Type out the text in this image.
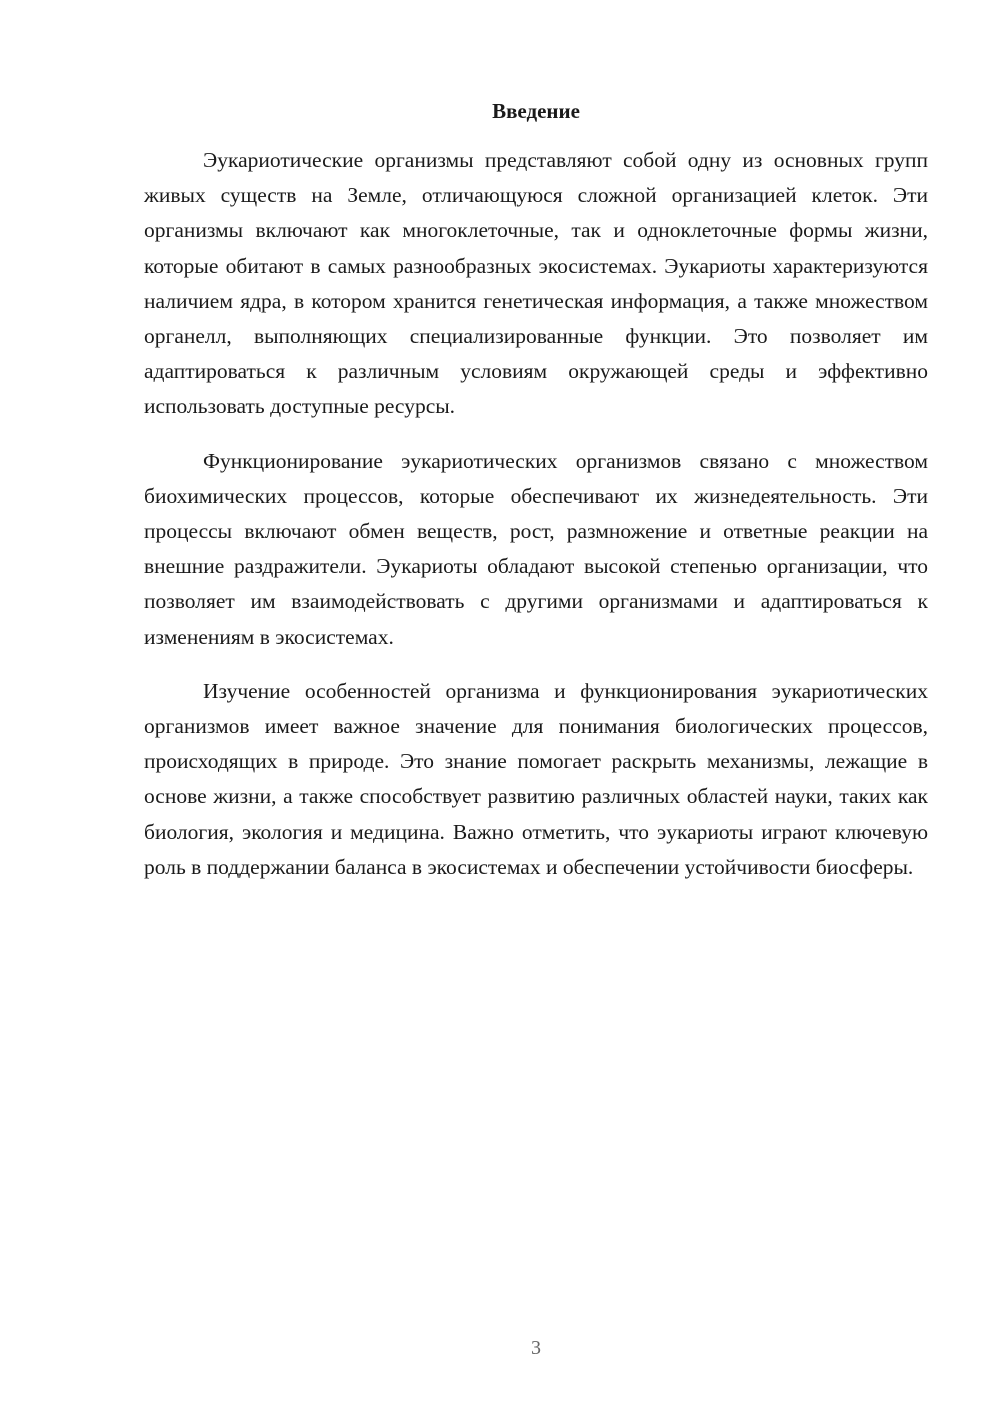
Введение

Эукариотические организмы представляют собой одну из основных групп живых существ на Земле, отличающуюся сложной организацией клеток. Эти организмы включают как многоклеточные, так и одноклеточные формы жизни, которые обитают в самых разнообразных экосистемах. Эукариоты характеризуются наличием ядра, в котором хранится генетическая информация, а также множеством органелл, выполняющих специализированные функции. Это позволяет им адаптироваться к различным условиям окружающей среды и эффективно использовать доступные ресурсы.

Функционирование эукариотических организмов связано с множеством биохимических процессов, которые обеспечивают их жизнедеятельность. Эти процессы включают обмен веществ, рост, размножение и ответные реакции на внешние раздражители. Эукариоты обладают высокой степенью организации, что позволяет им взаимодействовать с другими организмами и адаптироваться к изменениям в экосистемах.

Изучение особенностей организма и функционирования эукариотических организмов имеет важное значение для понимания биологических процессов, происходящих в природе. Это знание помогает раскрыть механизмы, лежащие в основе жизни, а также способствует развитию различных областей науки, таких как биология, экология и медицина. Важно отметить, что эукариоты играют ключевую роль в поддержании баланса в экосистемах и обеспечении устойчивости биосферы.

3
